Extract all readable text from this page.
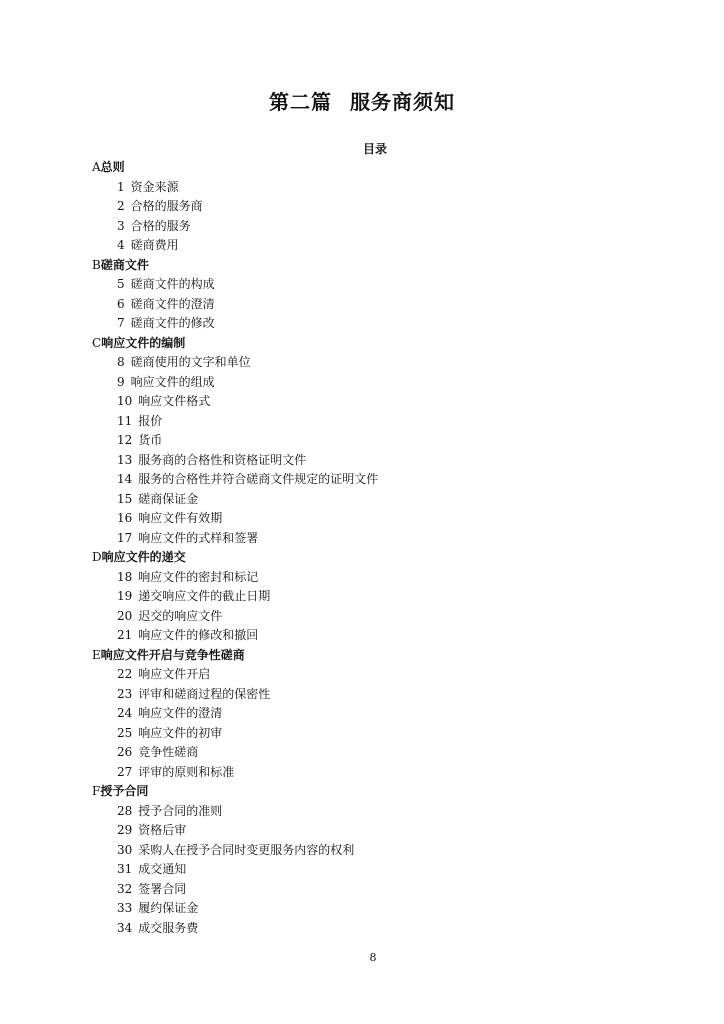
第二篇 服务商须知
目录
A总则
1 资金来源
2 合格的服务商
3 合格的服务
4 磋商费用
B磋商文件
5 磋商文件的构成
6 磋商文件的澄清
7 磋商文件的修改
C响应文件的编制
8 磋商使用的文字和单位
9 响应文件的组成
10 响应文件格式
11 报价
12 货币
13 服务商的合格性和资格证明文件
14 服务的合格性并符合磋商文件规定的证明文件
15 磋商保证金
16 响应文件有效期
17 响应文件的式样和签署
D响应文件的递交
18 响应文件的密封和标记
19 递交响应文件的截止日期
20 迟交的响应文件
21 响应文件的修改和撤回
E响应文件开启与竞争性磋商
22 响应文件开启
23 评审和磋商过程的保密性
24 响应文件的澄清
25 响应文件的初审
26 竞争性磋商
27 评审的原则和标准
F授予合同
28 授予合同的准则
29 资格后审
30 采购人在授予合同时变更服务内容的权利
31 成交通知
32 签署合同
33 履约保证金
34 成交服务费
8
